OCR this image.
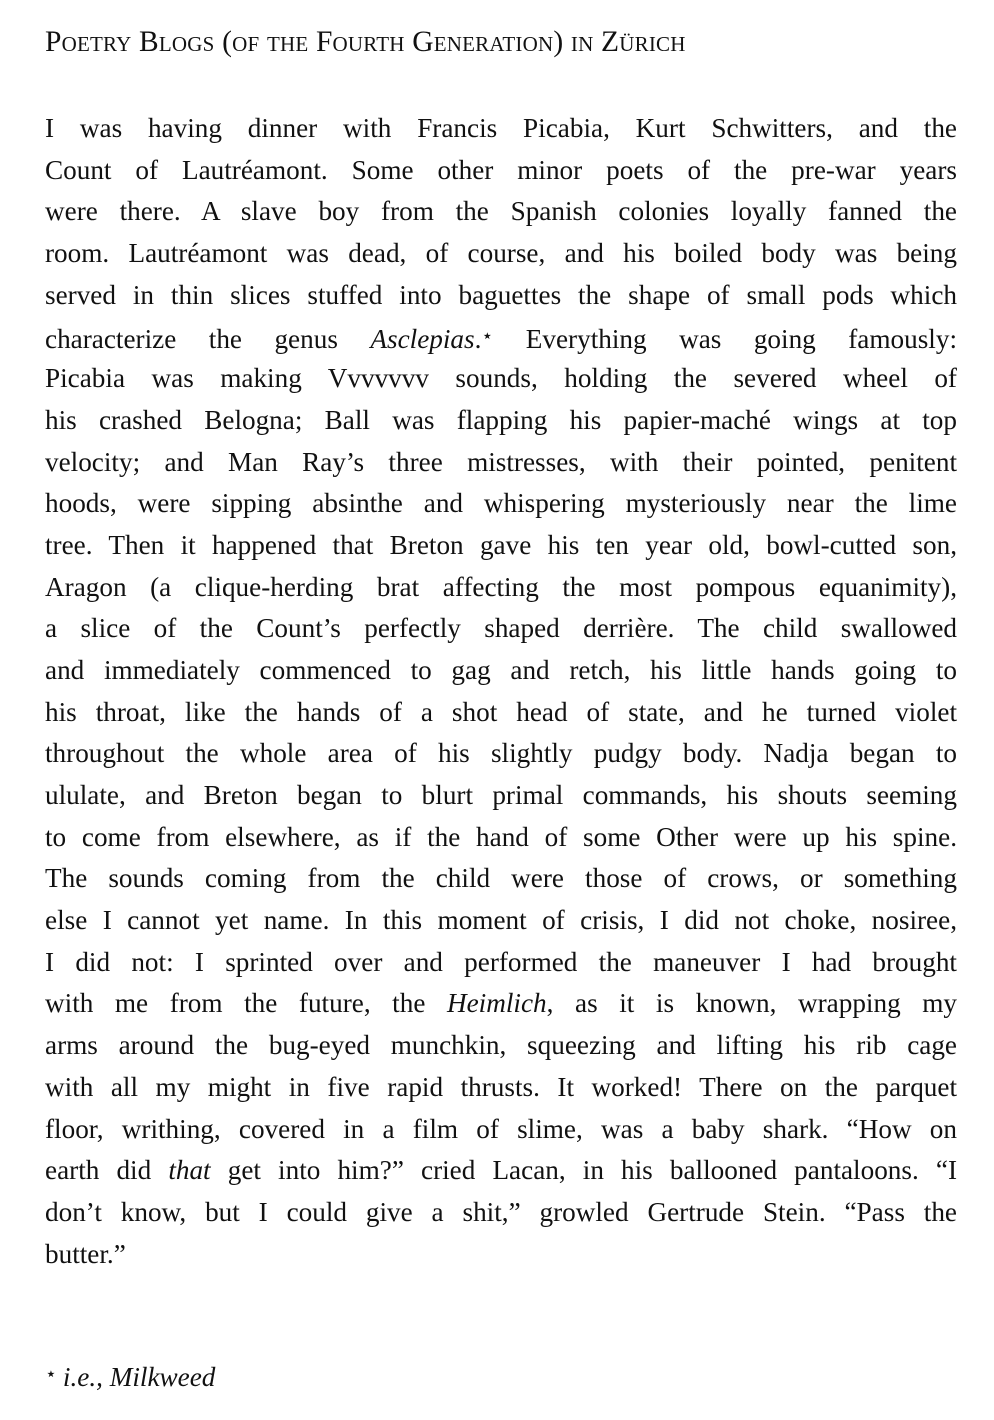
Poetry Blogs (of the Fourth Generation) in Zürich
I was having dinner with Francis Picabia, Kurt Schwitters, and the
Count of Lautréamont. Some other minor poets of the pre-war years
were there. A slave boy from the Spanish colonies loyally fanned the
room. Lautréamont was dead, of course, and his boiled body was being
served in thin slices stuffed into baguettes the shape of small pods which
characterize the genus Asclepias.⋆ Everything was going famously:
Picabia was making Vvvvvvv sounds, holding the severed wheel of
his crashed Belogna; Ball was flapping his papier-maché wings at top
velocity; and Man Ray’s three mistresses, with their pointed, penitent
hoods, were sipping absinthe and whispering mysteriously near the lime
tree. Then it happened that Breton gave his ten year old, bowl-cutted son,
Aragon (a clique-herding brat affecting the most pompous equanimity),
a slice of the Count’s perfectly shaped derrière. The child swallowed
and immediately commenced to gag and retch, his little hands going to
his throat, like the hands of a shot head of state, and he turned violet
throughout the whole area of his slightly pudgy body. Nadja began to
ululate, and Breton began to blurt primal commands, his shouts seeming
to come from elsewhere, as if the hand of some Other were up his spine.
The sounds coming from the child were those of crows, or something
else I cannot yet name. In this moment of crisis, I did not choke, nosiree,
I did not: I sprinted over and performed the maneuver I had brought
with me from the future, the Heimlich, as it is known, wrapping my
arms around the bug-eyed munchkin, squeezing and lifting his rib cage
with all my might in five rapid thrusts. It worked! There on the parquet
floor, writhing, covered in a film of slime, was a baby shark. “How on
earth did that get into him?” cried Lacan, in his ballooned pantaloons. “I
don’t know, but I could give a shit,” growled Gertrude Stein. “Pass the
butter.”
⋆ i.e., Milkweed
